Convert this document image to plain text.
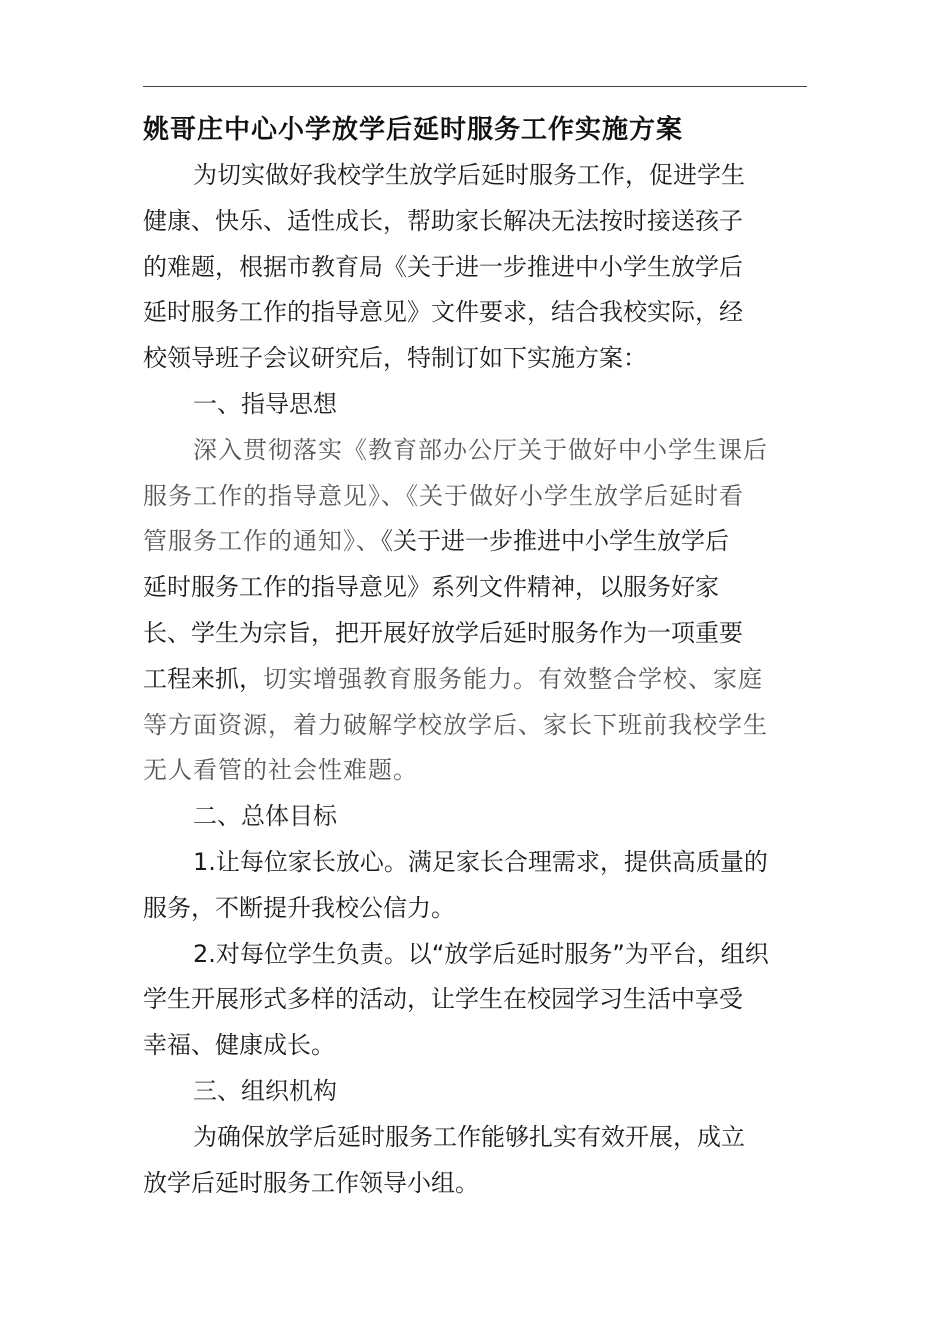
姚哥庄中心小学放学后延时服务工作实施方案
为切实做好我校学生放学后延时服务工作，促进学生
健康、快乐、适性成长，帮助家长解决无法按时接送孩子
的难题，根据市教育局《关于进一步推进中小学生放学后
延时服务工作的指导意见》文件要求，结合我校实际，经
校领导班子会议研究后，特制订如下实施方案：
一、指导思想
深入贯彻落实《教育部办公厅关于做好中小学生课后
服务工作的指导意见》、《关于做好小学生放学后延时看
管服务工作的通知》、《关于进一步推进中小学生放学后
延时服务工作的指导意见》系列文件精神，以服务好家
长、学生为宗旨，把开展好放学后延时服务作为一项重要
工程来抓，切实增强教育服务能力。有效整合学校、家庭
等方面资源，着力破解学校放学后、家长下班前我校学生
无人看管的社会性难题。
二、总体目标
1.让每位家长放心。满足家长合理需求，提供高质量的
服务，不断提升我校公信力。
2.对每位学生负责。以“放学后延时服务”为平台，组织
学生开展形式多样的活动，让学生在校园学习生活中享受
幸福、健康成长。
三、组织机构
为确保放学后延时服务工作能够扎实有效开展，成立
放学后延时服务工作领导小组。
